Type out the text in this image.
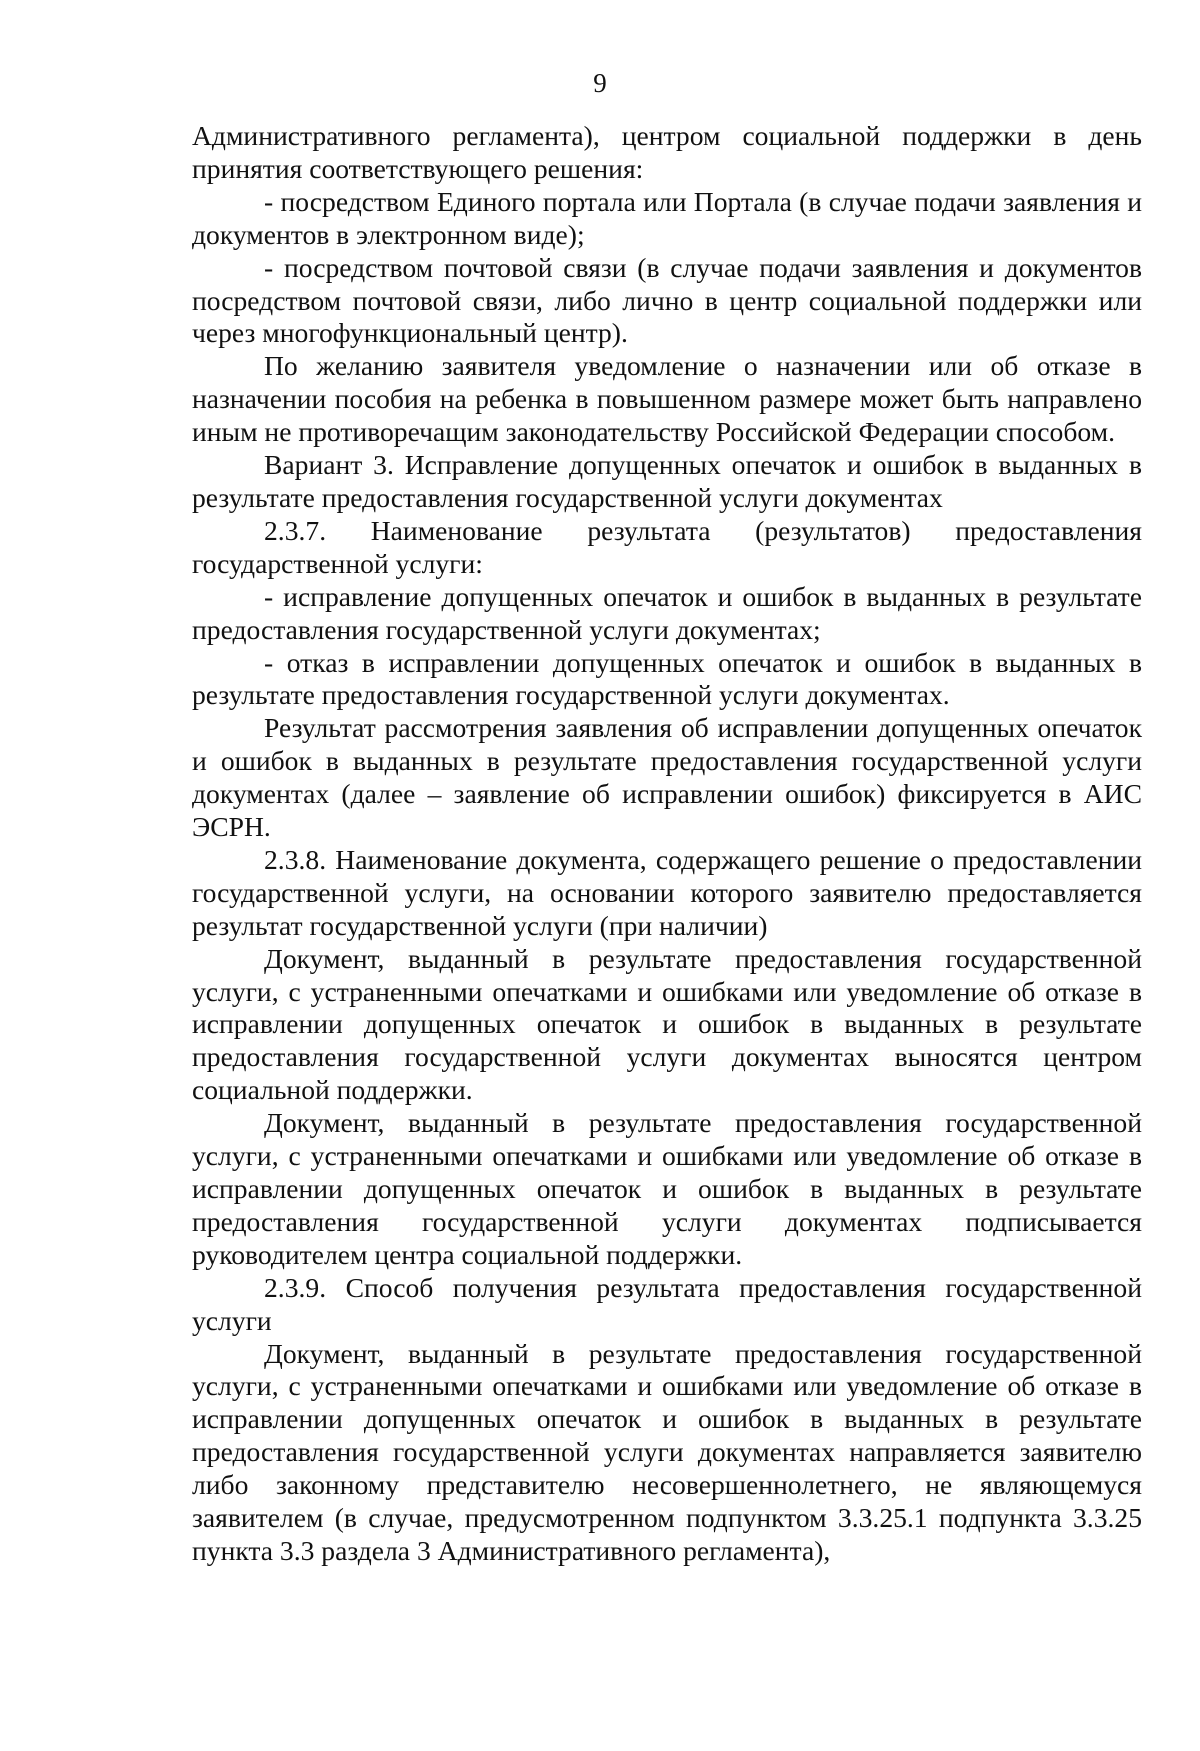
9

Административного регламента), центром социальной поддержки в день принятия соответствующего решения:

- посредством Единого портала или Портала (в случае подачи заявления и документов в электронном виде);

- посредством почтовой связи (в случае подачи заявления и документов посредством почтовой связи, либо лично в центр социальной поддержки или через многофункциональный центр).

По желанию заявителя уведомление о назначении или об отказе в назначении пособия на ребенка в повышенном размере может быть направлено иным не противоречащим законодательству Российской Федерации способом.

Вариант 3. Исправление допущенных опечаток и ошибок в выданных в результате предоставления государственной услуги документах

2.3.7. Наименование результата (результатов) предоставления государственной услуги:

- исправление допущенных опечаток и ошибок в выданных в результате предоставления государственной услуги документах;

- отказ в исправлении допущенных опечаток и ошибок в выданных в результате предоставления государственной услуги документах.

Результат рассмотрения заявления об исправлении допущенных опечаток и ошибок в выданных в результате предоставления государственной услуги документах (далее – заявление об исправлении ошибок) фиксируется в АИС ЭСРН.

2.3.8. Наименование документа, содержащего решение о предоставлении государственной услуги, на основании которого заявителю предоставляется результат государственной услуги (при наличии)

Документ, выданный в результате предоставления государственной услуги, с устраненными опечатками и ошибками или уведомление об отказе в исправлении допущенных опечаток и ошибок в выданных в результате предоставления государственной услуги документах выносятся центром социальной поддержки.

Документ, выданный в результате предоставления государственной услуги, с устраненными опечатками и ошибками или уведомление об отказе в исправлении допущенных опечаток и ошибок в выданных в результате предоставления государственной услуги документах подписывается руководителем центра социальной поддержки.

2.3.9. Способ получения результата предоставления государственной услуги

Документ, выданный в результате предоставления государственной услуги, с устраненными опечатками и ошибками или уведомление об отказе в исправлении допущенных опечаток и ошибок в выданных в результате предоставления государственной услуги документах направляется заявителю либо законному представителю несовершеннолетнего, не являющемуся заявителем (в случае, предусмотренном подпунктом 3.3.25.1 подпункта 3.3.25 пункта 3.3 раздела 3 Административного регламента),
